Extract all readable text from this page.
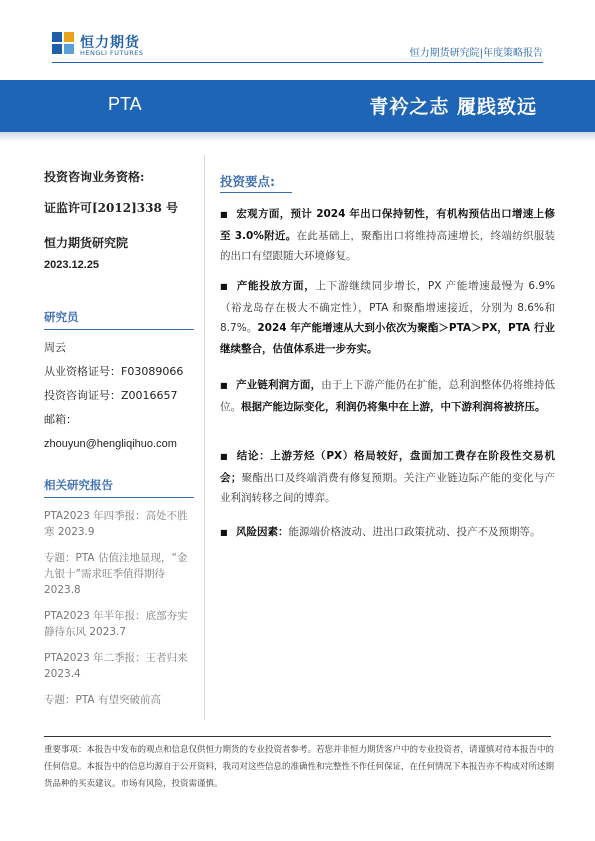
恒力期货
HENGLI FUTURES	恒力期货研究院|年度策略报告
PTA	青衿之志 履践致远
投资咨询业务资格:
证监许可[2012]338 号
恒力期货研究院
2023.12.25
研究员
周云
从业资格证号：F03089066
投资咨询证号：Z0016657
邮箱：
zhouyun@hengliqihuo.com
相关研究报告
PTA2023 年四季报：高处不胜寒 2023.9
专题：PTA 估值洼地显现，“金九银十”需求旺季值得期待 2023.8
PTA2023 年半年报：底部夯实 静待东风 2023.7
PTA2023 年二季报：王者归来 2023.4
专题：PTA 有望突破前高
投资要点:
■ 宏观方面，预计 2024 年出口保持韧性，有机构预估出口增速上修至 3.0%附近。在此基础上，聚酯出口将维持高速增长，终端纺织服装的出口有望跟随大环境修复。
■ 产能投放方面，上下游继续同步增长，PX 产能增速最慢为 6.9%（裕龙岛存在极大不确定性），PTA 和聚酯增速接近，分别为 8.6%和 8.7%。2024 年产能增速从大到小依次为聚酯＞PTA＞PX，PTA 行业继续整合，估值体系进一步夯实。
■ 产业链利润方面，由于上下游产能仍在扩能，总利润整体仍将维持低位。根据产能边际变化，利润仍将集中在上游，中下游利润将被挤压。
■ 结论：上游芳烃（PX）格局较好，盘面加工费存在阶段性交易机会；聚酯出口及终端消费有修复预期。关注产业链边际产能的变化与产业利润转移之间的博弈。
■ 风险因素：能源端价格波动、进出口政策扰动、投产不及预期等。
重要事项：本报告中发布的观点和信息仅供恒力期货的专业投资者参考。若您并非恒力期货客户中的专业投资者，请谨慎对待本报告中的任何信息。本报告中的信息均源自于公开资料，我司对这些信息的准确性和完整性不作任何保证，在任何情况下本报告亦不构成对所述期货品种的买卖建议。市场有风险，投资需谨慎。
